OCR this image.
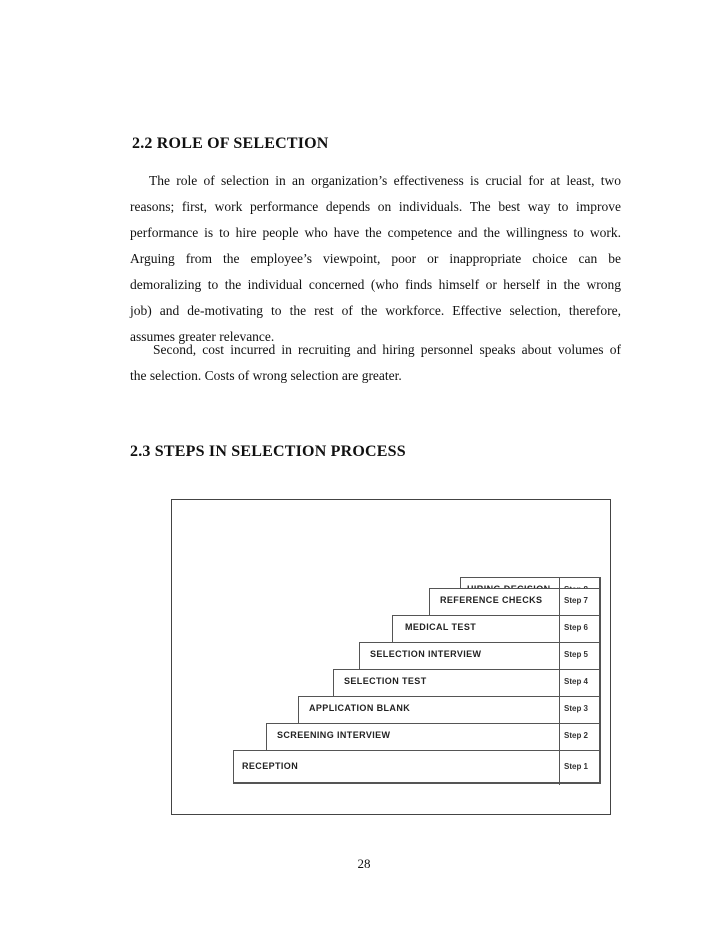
2.2 ROLE OF SELECTION
The role of selection in an organization’s effectiveness is crucial for at least, two
reasons; first, work performance depends on individuals. The best way to improve
performance is to hire people who have the competence and the willingness to work.
Arguing from the employee’s viewpoint, poor or inappropriate choice can be
demoralizing to the individual concerned (who finds himself or herself in the wrong
job) and de-motivating to the rest of the workforce. Effective selection, therefore,
assumes greater relevance.
Second, cost incurred in recruiting and hiring personnel speaks about volumes of
the selection. Costs of wrong selection are greater.
2.3 STEPS IN SELECTION PROCESS
REFERENCE CHECKS	Step 7
MEDICAL TEST	Step 6
SELECTION INTERVIEW	Step 5
SELECTION TEST	Step 4
APPLICATION BLANK	Step 3
SCREENING INTERVIEW	Step 2
RECEPTION	Step 1
28
